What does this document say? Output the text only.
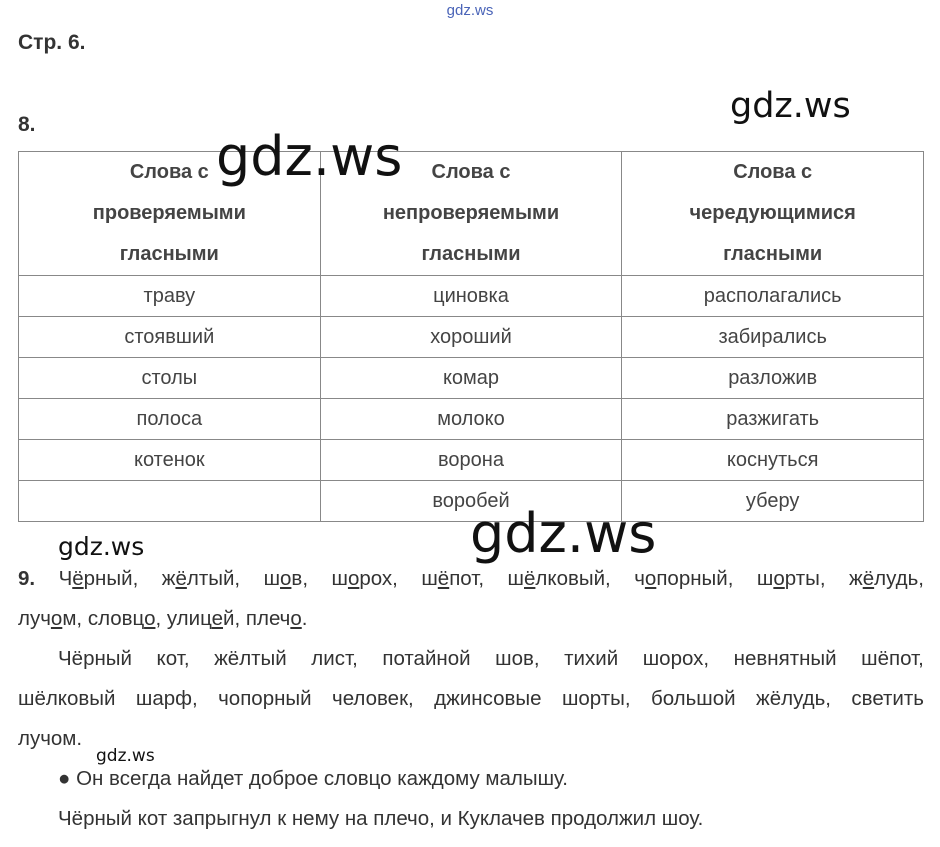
gdz.ws
Стр. 6.
8.
Слова с
проверяемыми
гласными	Слова с
непроверяемыми
гласными	Слова с
чередующимися
гласными

траву	циновка	располагались
стоявший	хороший	забирались
столы	комар	разложив
полоса	молоко	разжигать
котенок	ворона	коснуться
	воробей	уберу
9. Чёрный, жёлтый, шов, шорох, шёпот, шёлковый, чопорный, шорты, жёлудь,
лучом, словцо, улицей, плечо.
Чёрный кот, жёлтый лист, потайной шов, тихий шорох, невнятный шёпот,
шёлковый шарф, чопорный человек, джинсовые шорты, большой жёлудь, светить
лучом.
● Он всегда найдет доброе словцо каждому малышу.
Чёрный кот запрыгнул к нему на плечо, и Куклачев продолжил шоу.
gdz.ws
gdz.ws
gdz.ws
gdz.ws
gdz.ws
